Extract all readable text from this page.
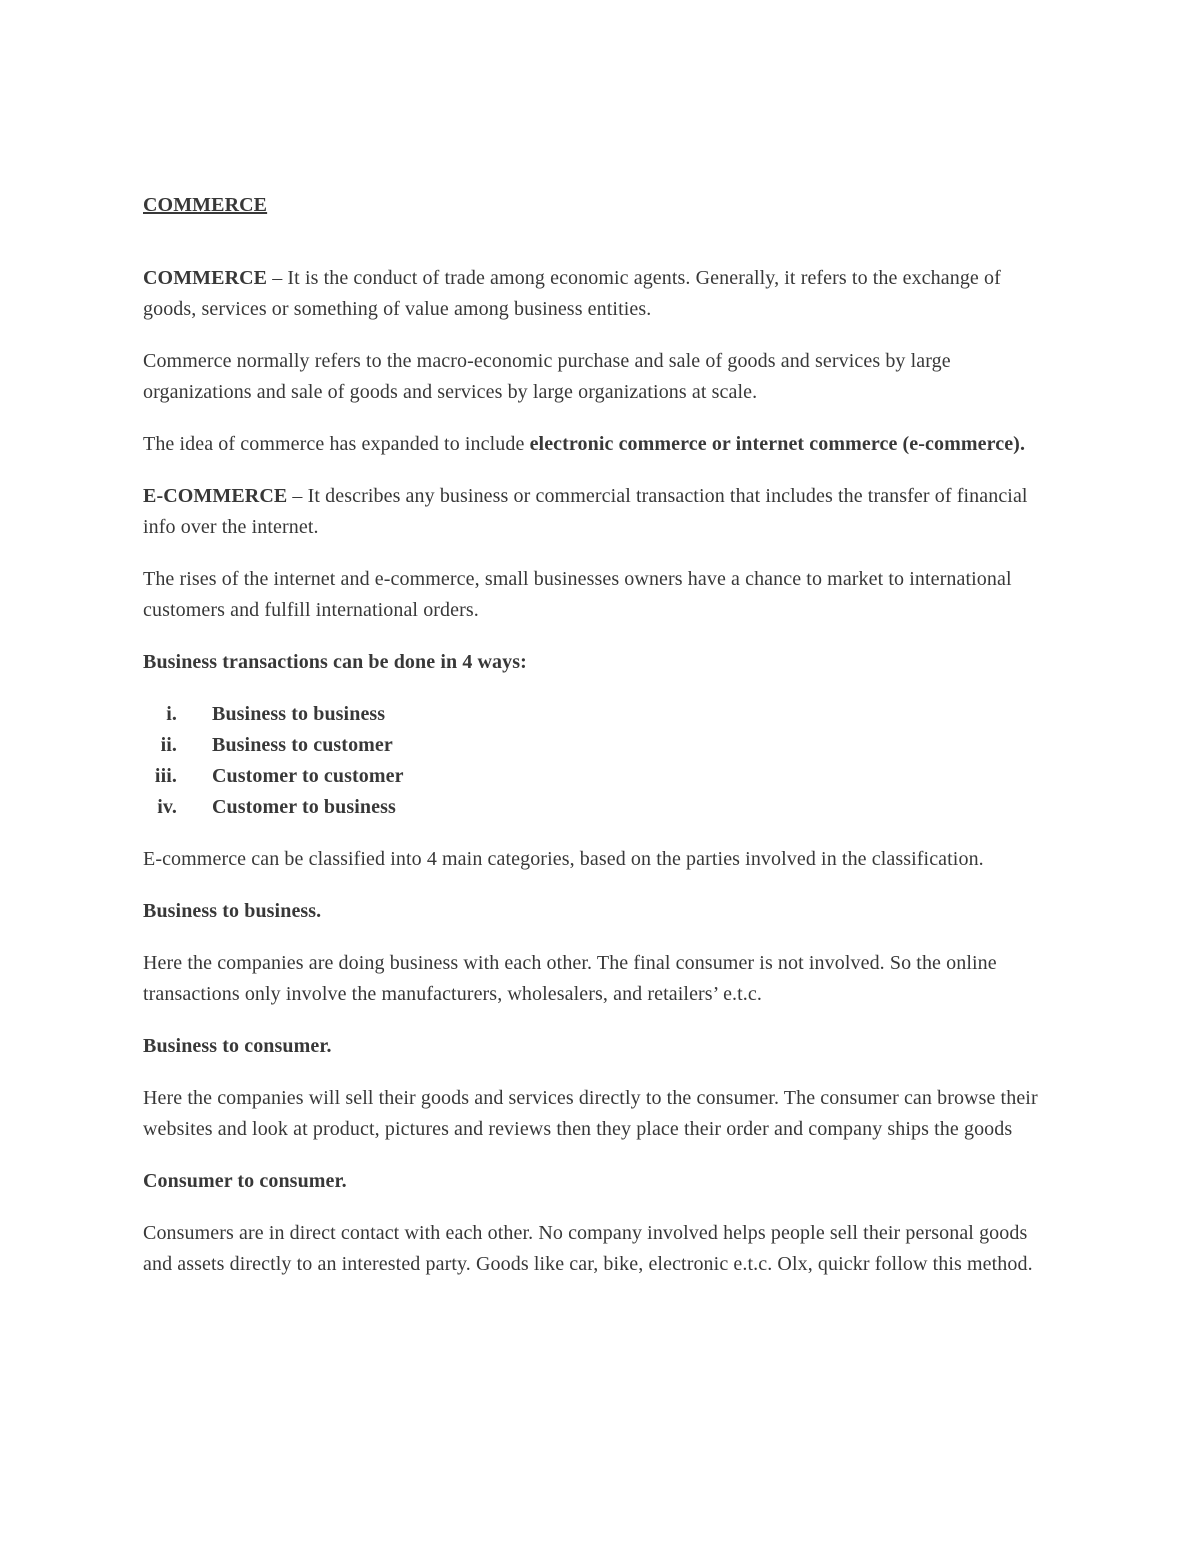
COMMERCE

COMMERCE – It is the conduct of trade among economic agents. Generally, it refers to the exchange of goods, services or something of value among business entities.

Commerce normally refers to the macro-economic purchase and sale of goods and services by large organizations and sale of goods and services by large organizations at scale.

The idea of commerce has expanded to include electronic commerce or internet commerce (e-commerce).

E-COMMERCE – It describes any business or commercial transaction that includes the transfer of financial info over the internet.

The rises of the internet and e-commerce, small businesses owners have a chance to market to international customers and fulfill international orders.

Business transactions can be done in 4 ways:

i. Business to business
ii. Business to customer
iii. Customer to customer
iv. Customer to business

E-commerce can be classified into 4 main categories, based on the parties involved in the classification.

Business to business.

Here the companies are doing business with each other. The final consumer is not involved. So the online transactions only involve the manufacturers, wholesalers, and retailers’ e.t.c.

Business to consumer.

Here the companies will sell their goods and services directly to the consumer. The consumer can browse their websites and look at product, pictures and reviews then they place their order and company ships the goods

Consumer to consumer.

Consumers are in direct contact with each other. No company involved helps people sell their personal goods and assets directly to an interested party. Goods like car, bike, electronic e.t.c. Olx, quickr follow this method.
